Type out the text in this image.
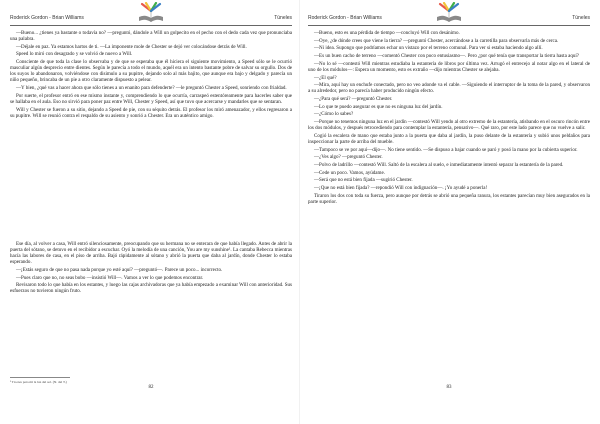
Roderick Gordon - Brian Williams	Túneles

—Bueno... ¿tienes ya bastante o todavía no? —preguntó, dándole a Will un golpecito en el pecho con el dedo cada vez que pronunciaba una palabra.

—Déjale en paz. Ya estamos hartos de ti. —La imponente mole de Chester se dejó ver colocándose detrás de Will.

Speed lo miró con desagrado y se volvió de nuevo a Will.

Consciente de que toda la clase lo observaba y de que se esperaba que él hiciera el siguiente movimiento, a Speed sólo se le ocurrió masculiar algún desprecio entre dientes. Según le parecía a todo el mundo, aquél era un intento bastante pobre de salvar su orgullo. Dos de los suyos lo abandonaron, volviéndose con disimulo a su pupitre, dejando solo al más bajito, que aunque era bajo y delgado y parecía un niño pequeño, brincaba de un pie a otro claramente dispuesto a pelear.

—Y bien, ¿qué vas a hacer ahora que sólo tienes a un enanito para defenderte? —le preguntó Chester a Speed, sonriendo con frialdad.

Por suerte, el profesor entró en ese mismo instante y, comprendiendo lo que ocurría, carraspeó estentóreamente para hacerles saber que se hallaba en el aula. Eso no sirvió para poner paz entre Will, Chester y Speed, así que tuvo que acercarse y mandarles que se sentaran.

Will y Chester se fueron a su sitio, dejando a Speed de pie, con su séquito detrás. El profesor los miró amenazador, y ellos regresaron a su pupitre. Will se reunió contra el respaldo de su asiento y sonrió a Chester. Era un auténtico amigo.

Ese día, al volver a casa, Will entró silenciosamente, preocupando que su hermana no se enterara de que había llegado. Antes de abrir la puerta del sótano, se detuvo en el recibidor a escuchar. Oyó la melodía de una canción, You are my sunshine¹. La cantaba Rebecca mientras hacía las labores de casa, en el piso de arriba. Bajó rápidamente al sótano y abrió la puerta que daba al jardín, donde Chester lo estaba esperando.

—¡Estás seguro de que no pasa nada porque yo esté aquí? —preguntó—. Parece un poco... incorrecto.

—Pues claro que no, no seas bobo —insistió Will—. Vamos a ver lo que podemos encontrar.

Revisaron todo lo que había en los estantes, y luego las cajas archivadoras que ya había empezado a examinar Will con anterioridad. Sus esfuerzos no tuvieron ningún fruto.

¹ Tú eres para mí la luz del sol. (N. del T.)
82
Roderick Gordon - Brian Williams	Túneles

—Bueno, esto es una pérdida de tiempo —concluyó Will con desánimo.

—Oye, ¿de dónde crees que viene la tierra? —preguntó Chester, acercándose a la carretilla para observarla más de cerca.

—Ni idea. Supongo que podríamos echar un vistazo por el terreno comunal. Para ver si estaba haciendo algo allí.

—Es un buen cacho de terreno —comentó Chester con poco entusiasmo—. Pero ¿por qué tenía que transportar la tierra hasta aquí?

—No lo sé —contestó Will mientras estudiaba la estantería de libros por última vez. Arrugó el entrecejo al notar algo en el lateral de uno de los módulos—: Espera un momento, esto es extraño —dijo mientras Chester se alejaba.

—¿El qué?

—Mira, aquí hay un enchufe conectado, pero no veo adonde va el cable. —Siguiendo el interruptor de la toma de la pared, y observaron a su alrededor, pero no parecía haber producido ningún efecto.

—¿Para qué será? —preguntó Chester.

—Lo que te puedo asegurar es que no es ninguna luz del jardín.

—¿Cómo lo sabes?

—Porque no tenemos ninguna luz en el jardín —contestó Will yendo al otro extremo de la estantería, atisbando en el oscuro rincón entre los dos módulos, y después retrocediendo para contemplar la estantería, pensativo—. Qué raro, por este lado parece que no vuelve a salir.

Cogió la escalera de mano que estaba junto a la puerta que daba al jardín, la puso delante de la estantería y subió unos peldaños para inspeccionar la parte de arriba del mueble.

—Tampoco se ve por aquí—dijo—. No tiene sentido. —Se dispuso a bajar cuando se paró y posó la mano por la cubierta superior.

—¿Ves algo? —preguntó Chester.

—Polvo de ladrillo —contestó Will. Saltó de la escalera al suelo, e inmediatamente intentó separar la estantería de la pared.

—Cede un poco. Vamos, ayúdame.

—Será que no está bien fijada —sugirió Chester.

—¡Que no está bien fijada? —repondió Will con indignación—. ¡Yo ayudé a ponerla!

Tiraron los dos con toda su fuerza, pero aunque por detrás se abrió una pequeña ranura, los estantes parecían muy bien asegurados en la parte superior.

83
